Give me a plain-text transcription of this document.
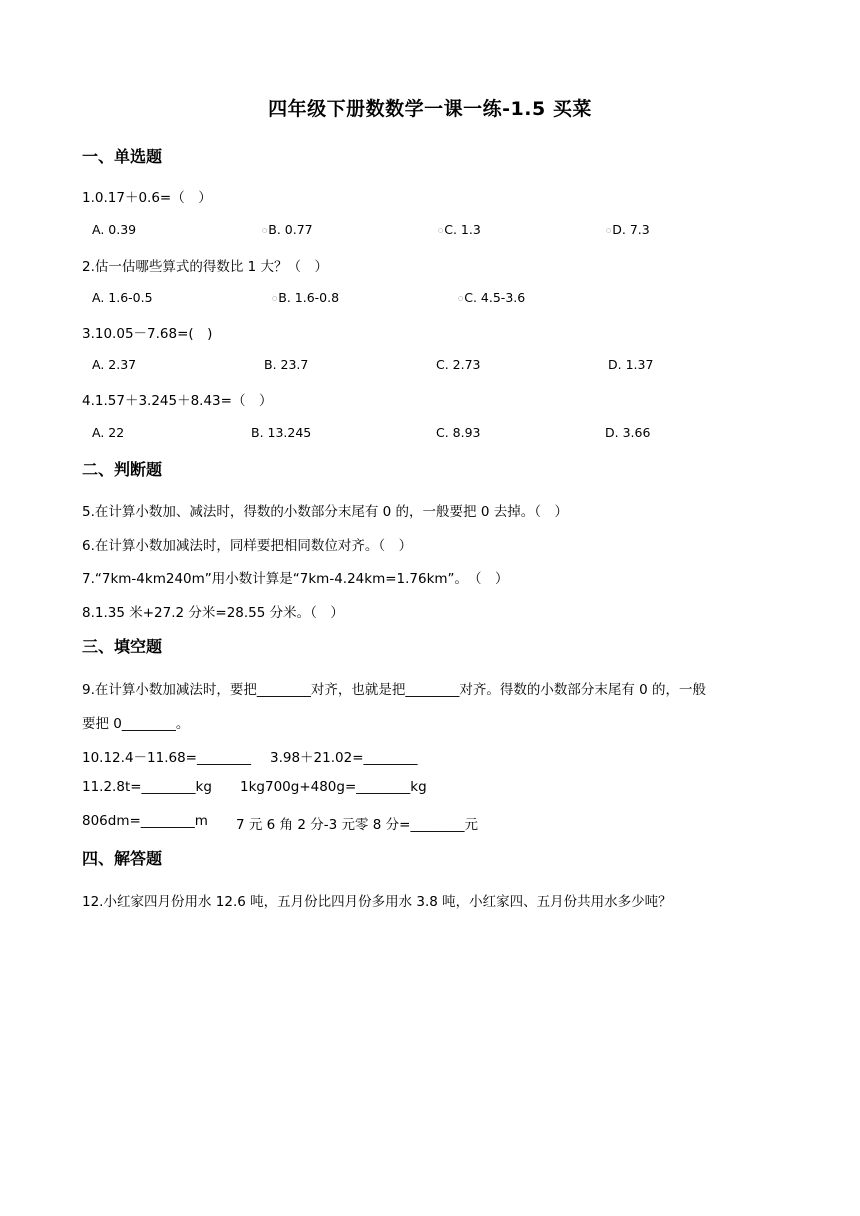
四年级下册数数学一课一练-1.5 买菜
一、单选题
1.0.17＋0.6=（　）
A. 0.39	○B. 0.77	○C. 1.3	○D. 7.3
2.估一估哪些算式的得数比 1 大？（　）
A. 1.6-0.5	○B. 1.6-0.8	○C. 4.5-3.6
3.10.05－7.68=(　)
A. 2.37	B. 23.7	C. 2.73	D. 1.37
4.1.57＋3.245＋8.43=（　）
A. 22	B. 13.245	C. 8.93	D. 3.66
二、判断题
5.在计算小数加、减法时，得数的小数部分末尾有 0 的，一般要把 0 去掉。（　）
6.在计算小数加减法时，同样要把相同数位对齐。（　）
7.“7km-4km240m”用小数计算是“7km-4.24km=1.76km”。　（　）
8.1.35 米+27.2 分米=28.55 分米。（　）
三、填空题
9.在计算小数加减法时，要把________对齐，也就是把________对齐。得数的小数部分末尾有 0 的，一般
要把 0________。
10.12.4－11.68=________ 3.98＋21.02=________
11.2.8t=________kg 1kg700g+480g=________kg
806dm=________m 7 元 6 角 2 分-3 元零 8 分=________元
四、解答题
12.小红家四月份用水 12.6 吨，五月份比四月份多用水 3.8 吨，小红家四、五月份共用水多少吨？
